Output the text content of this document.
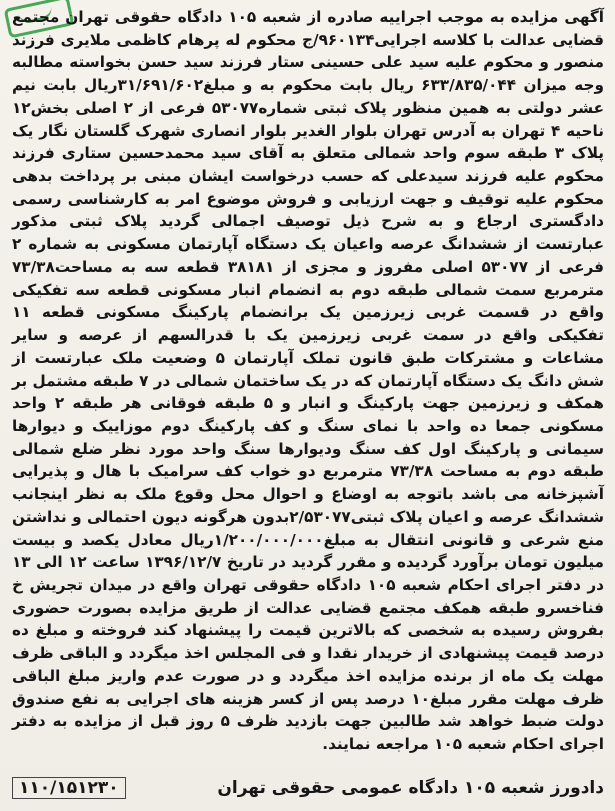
آگهی مزایده به موجب اجراییه صادره از شعبه ۱۰۵ دادگاه حقوقی تهران مجتمع قضایی عدالت با کلاسه اجرایی۹۶۰۱۳۴/ج محکوم له پرهام کاظمی ملایری فرزند منصور و محکوم علیه سید علی حسینی ستار فرزند سید حسن بخواسته مطالبه وجه میزان ۶۳۳/۸۳۵/۰۴۴ ریال بابت محکوم به و مبلغ۳۱/۶۹۱/۶۰۲ریال بابت نیم عشر دولتی به همین منظور پلاک ثبتی شماره۵۳۰۷۷ فرعی از ۲ اصلی بخش۱۲ ناحیه ۴ تهران به آدرس تهران بلوار الغدیر بلوار انصاری شهرک گلستان نگار یک پلاک ۳ طبقه سوم واحد شمالی متعلق به آقای سید محمدحسین ستاری فرزند محکوم علیه فرزند سیدعلی که حسب درخواست ایشان مبنی بر پرداخت بدهی محکوم علیه توقیف و جهت ارزیابی و فروش موضوع امر به کارشناسی رسمی دادگستری ارجاع و به شرح ذیل توصیف اجمالی گردید پلاک ثبتی مذکور عبارتست از ششدانگ عرصه واعیان یک دستگاه آپارتمان مسکونی به شماره ۲ فرعی از ۵۳۰۷۷ اصلی مفروز و مجزی از ۳۸۱۸۱ قطعه سه به مساحت۷۳/۳۸ مترمربع سمت شمالی طبقه دوم به انضمام انبار مسکونی قطعه سه تفکیکی واقع در قسمت غربی زیرزمین یک برانضمام پارکینگ مسکونی قطعه ۱۱ تفکیکی واقع در سمت غربی زیرزمین یک با قدرالسهم از عرصه و سایر مشاعات و مشترکات طبق قانون تملک آپارتمان ۵ وضعیت ملک عبارتست از شش دانگ یک دستگاه آپارتمان که در یک ساختمان شمالی در ۷ طبقه مشتمل بر همکف و زیرزمین جهت پارکینگ و انبار و ۵ طبقه فوقانی هر طبقه ۲ واحد مسکونی جمعا ده واحد با نمای سنگ و کف پارکینگ دوم موزاییک و دیوارها سیمانی و پارکینگ اول کف سنگ ودیوارها سنگ واحد مورد نظر ضلع شمالی طبقه دوم به مساحت ۷۳/۳۸ مترمربع دو خواب کف سرامیک با هال و پذیرایی آشپزخانه می باشد باتوجه به اوضاع و احوال محل وقوع ملک به نظر اینجانب ششدانگ عرصه و اعیان پلاک ثبتی۲/۵۳۰۷۷بدون هرگونه دیون احتمالی و نداشتن منع شرعی و قانونی انتقال به مبلغ۱/۲۰۰/۰۰۰/۰۰۰ریال معادل یکصد و بیست میلیون تومان برآورد گردیده و مقرر گردید در تاریخ ۱۳۹۶/۱۲/۷ ساعت ۱۲ الی ۱۳ در دفتر اجرای احکام شعبه ۱۰۵ دادگاه حقوقی تهران واقع در میدان تجریش خ فناخسرو طبقه همکف مجتمع قضایی عدالت از طریق مزایده بصورت حضوری بفروش رسیده به شخصی که بالاترین قیمت را پیشنهاد کند فروخته و مبلغ ده درصد قیمت پیشنهادی از خریدار نقدا و فی المجلس اخذ میگردد و الباقی ظرف مهلت یک ماه از برنده مزایده اخذ میگردد و در صورت عدم واریز مبلغ الباقی ظرف مهلت مقرر مبلغ۱۰ درصد پس از کسر هزینه های اجرایی به نفع صندوق دولت ضبط خواهد شد طالبین جهت بازدید ظرف ۵ روز قبل از مزایده به دفتر اجرای احکام شعبه ۱۰۵ مراجعه نمایند.

دادورز شعبه ۱۰۵ دادگاه عمومی حقوقی تهران
۱۱۰/۱۵۱۲۳۰
